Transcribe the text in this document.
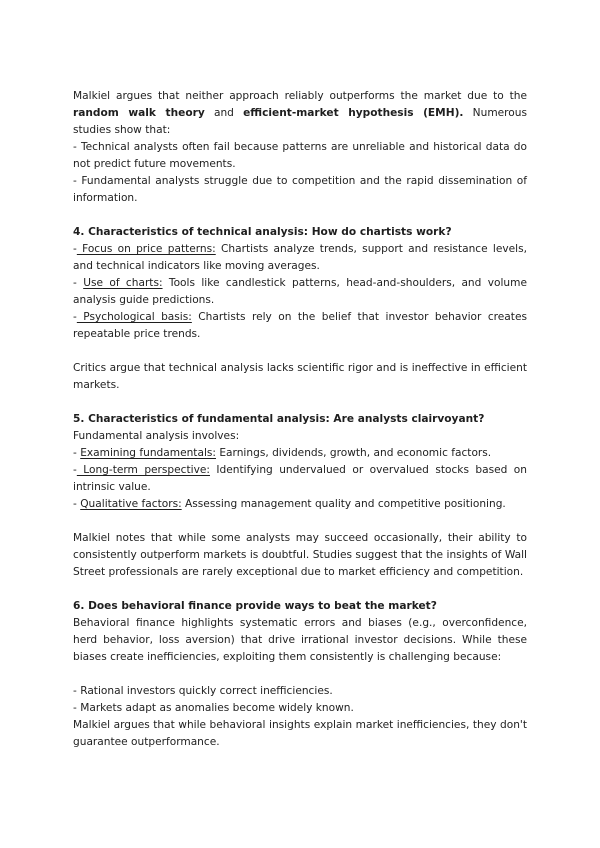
Malkiel argues that neither approach reliably outperforms the market due to the random walk theory and efficient-market hypothesis (EMH). Numerous studies show that:

- Technical analysts often fail because patterns are unreliable and historical data do not predict future movements.

- Fundamental analysts struggle due to competition and the rapid dissemination of information.

4. Characteristics of technical analysis: How do chartists work?

- Focus on price patterns: Chartists analyze trends, support and resistance levels, and technical indicators like moving averages.

- Use of charts: Tools like candlestick patterns, head-and-shoulders, and volume analysis guide predictions.

- Psychological basis: Chartists rely on the belief that investor behavior creates repeatable price trends.

Critics argue that technical analysis lacks scientific rigor and is ineffective in efficient markets.

5. Characteristics of fundamental analysis: Are analysts clairvoyant?

Fundamental analysis involves:

- Examining fundamentals: Earnings, dividends, growth, and economic factors.

- Long-term perspective: Identifying undervalued or overvalued stocks based on intrinsic value.

- Qualitative factors: Assessing management quality and competitive positioning.

Malkiel notes that while some analysts may succeed occasionally, their ability to consistently outperform markets is doubtful. Studies suggest that the insights of Wall Street professionals are rarely exceptional due to market efficiency and competition.

6. Does behavioral finance provide ways to beat the market?

Behavioral finance highlights systematic errors and biases (e.g., overconfidence, herd behavior, loss aversion) that drive irrational investor decisions. While these biases create inefficiencies, exploiting them consistently is challenging because:

- Rational investors quickly correct inefficiencies.

- Markets adapt as anomalies become widely known.

Malkiel argues that while behavioral insights explain market inefficiencies, they don't guarantee outperformance.
